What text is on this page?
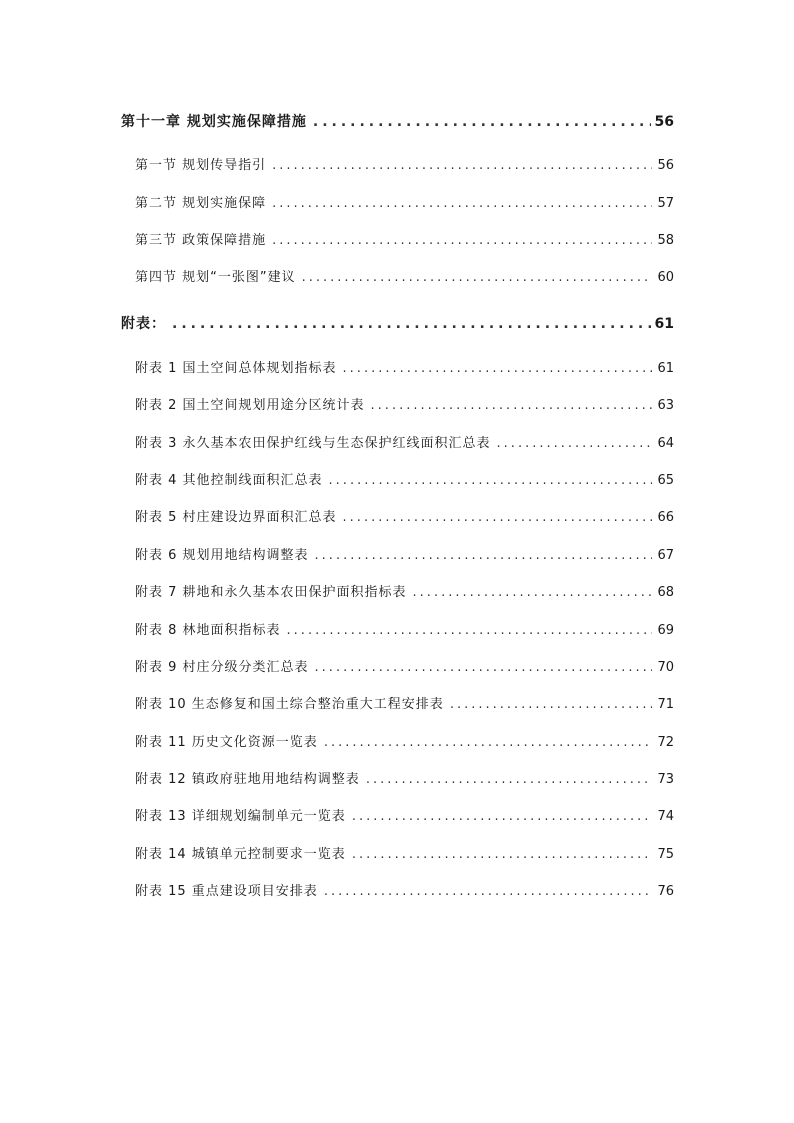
第十一章 规划实施保障措施 .....	56
第一节 规划传导指引 .....	56
第二节 规划实施保障 .....	57
第三节 政策保障措施 .....	58
第四节 规划“一张图”建议 .....	60
附表： .....	61
附表 1 国土空间总体规划指标表 .....	61
附表 2 国土空间规划用途分区统计表 .....	63
附表 3 永久基本农田保护红线与生态保护红线面积汇总表 .....	64
附表 4 其他控制线面积汇总表 .....	65
附表 5 村庄建设边界面积汇总表 .....	66
附表 6 规划用地结构调整表 .....	67
附表 7 耕地和永久基本农田保护面积指标表 .....	68
附表 8 林地面积指标表 .....	69
附表 9 村庄分级分类汇总表 .....	70
附表 10 生态修复和国土综合整治重大工程安排表 .....	71
附表 11 历史文化资源一览表 .....	72
附表 12 镇政府驻地用地结构调整表 .....	73
附表 13 详细规划编制单元一览表 .....	74
附表 14 城镇单元控制要求一览表 .....	75
附表 15 重点建设项目安排表 .....	76
